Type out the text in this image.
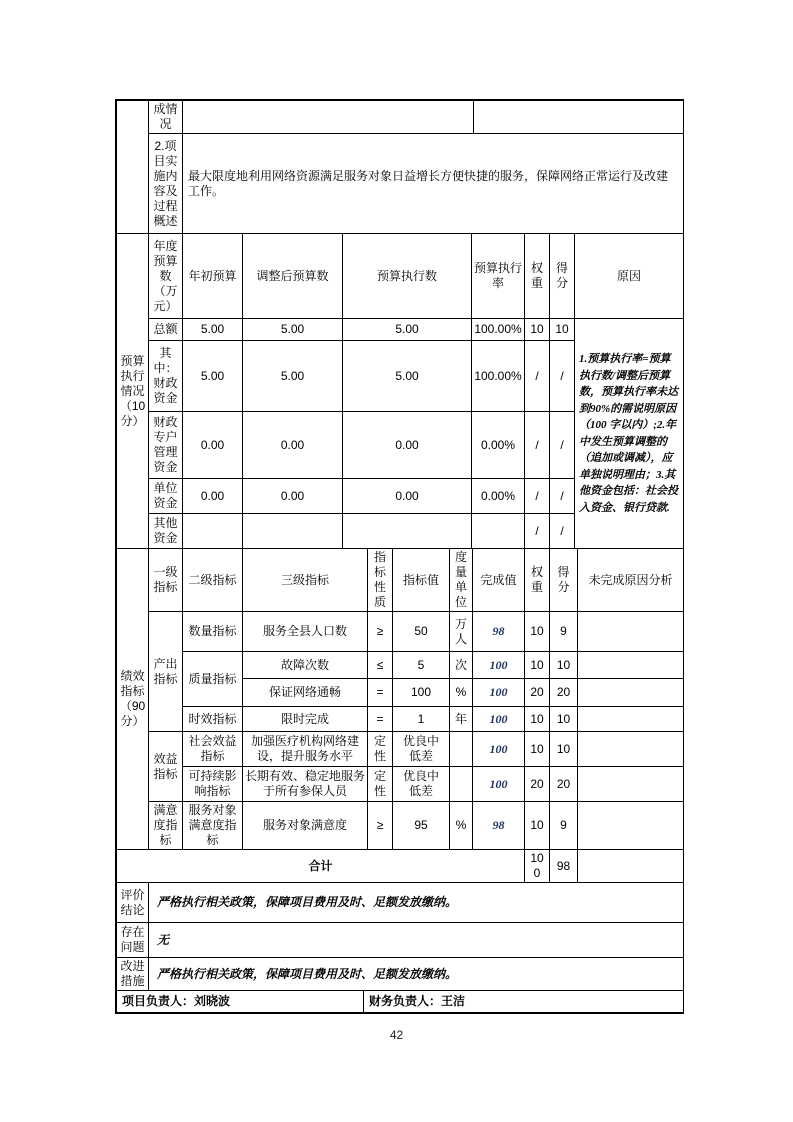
	成情况		
	2.项目实施内容及过程概述	最大限度地利用网络资源满足服务对象日益增长方便快捷的服务，保障网络正常运行及改建工作。	
预算执行情况（10分）	年度预算数（万元）	年初预算	调整后预算数	预算执行数	预算执行率	权重	得分	原因
	总额	5.00	5.00	5.00	100.00%	10	10	1.预算执行率=预算执行数/调整后预算数，预算执行率未达到90%的需说明原因（100 字以内）;2.年中发生预算调整的（追加或调减），应单独说明理由；3.其他资金包括：社会投入资金、银行贷款.
	其中：财政资金	5.00	5.00	5.00	100.00%	/	/	
	财政专户管理资金	0.00	0.00	0.00	0.00%	/	/	
	单位资金	0.00	0.00	0.00	0.00%	/	/	
	其他资金					/	/	
绩效指标（90分）	一级指标	二级指标	三级指标	指标性质	指标值	度量单位	完成值	权重	得分	未完成原因分析
	产出指标	数量指标	服务全县人口数	≥	50	万人	98	10	9	
		质量指标	故障次数	≤	5	次	100	10	10	
			保证网络通畅	=	100	%	100	20	20	
		时效指标	限时完成	=	1	年	100	10	10	
	效益指标	社会效益指标	加强医疗机构网络建设，提升服务水平	定性	优良中低差		100	10	10	
		可持续影响指标	长期有效、稳定地服务于所有参保人员	定性	优良中低差		100	20	20	
	满意度指标	服务对象满意度指标	服务对象满意度	≥	95	%	98	10	9	
合计								100	98	
评价结论	严格执行相关政策，保障项目费用及时、足额发放缴纳。
存在问题	无
改进措施	严格执行相关政策，保障项目费用及时、足额发放缴纳。
项目负责人：刘晓波	财务负责人：王洁
42
